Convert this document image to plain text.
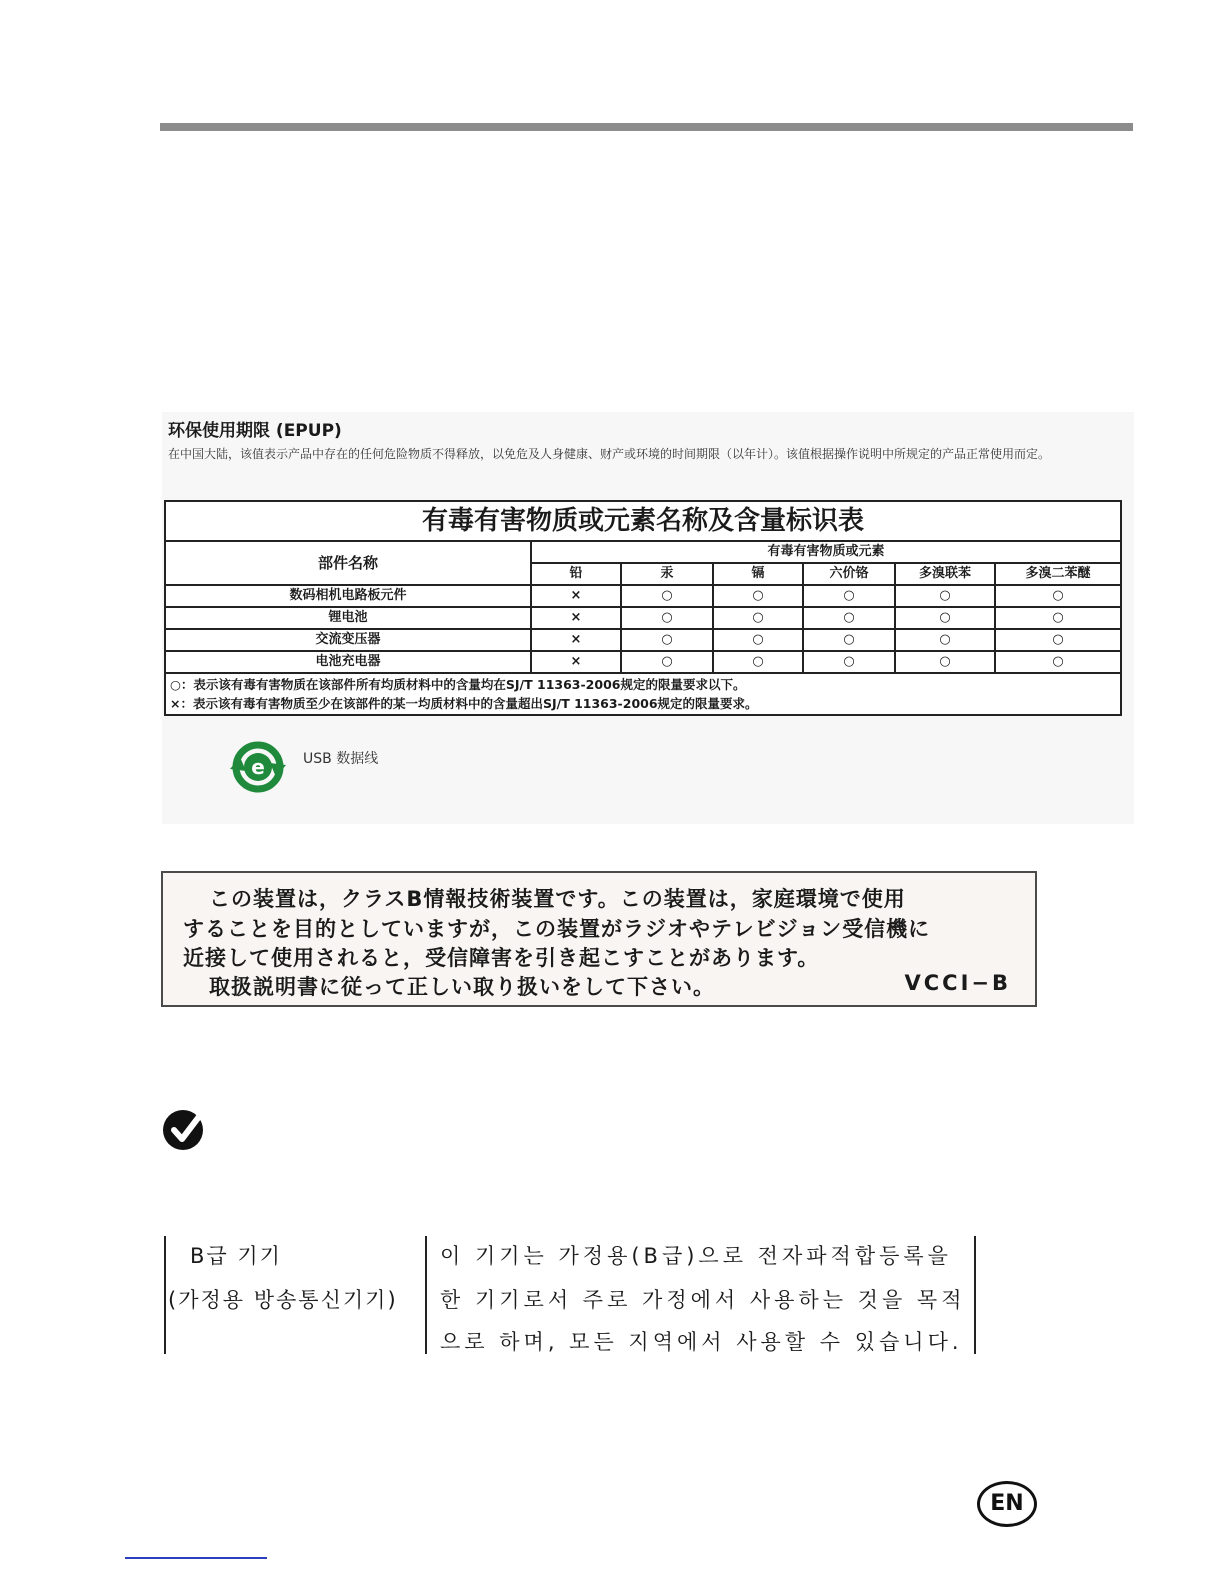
环保使用期限 (EPUP)

在中国大陆，该值表示产品中存在的任何危险物质不得释放，以免危及人身健康、财产或环境的时间期限（以年计）。该值根据操作说明中所规定的产品正常使用而定。

有毒有害物质或元素名称及含量标识表						
部件名称	有毒有害物质或元素					
	铅	汞	镉	六价铬	多溴联苯	多溴二苯醚
数码相机电路板元件	×	○	○	○	○	○
锂电池	×	○	○	○	○	○
交流变压器	×	○	○	○	○	○
电池充电器	×	○	○	○	○	○

○：表示该有毒有害物质在该部件所有均质材料中的含量均在SJ/T 11363-2006规定的限量要求以下。
×：表示该有毒有害物质至少在该部件的某一均质材料中的含量超出SJ/T 11363-2006规定的限量要求。						
e	USB 数据线
この装置は，クラスB情報技術装置です。この装置は，家庭環境で使用
することを目的としていますが，この装置がラジオやテレビジョン受信機に
近接して使用されると，受信障害を引き起こすことがあります。
取扱説明書に従って正しい取り扱いをして下さい。	VCCI−B
B급 기기
(가정용 방송통신기기)
이 기기는 가정용(B급)으로 전자파적합등록을
한 기기로서 주로 가정에서 사용하는 것을 목적
으로 하며, 모든 지역에서 사용할 수 있습니다.
EN
